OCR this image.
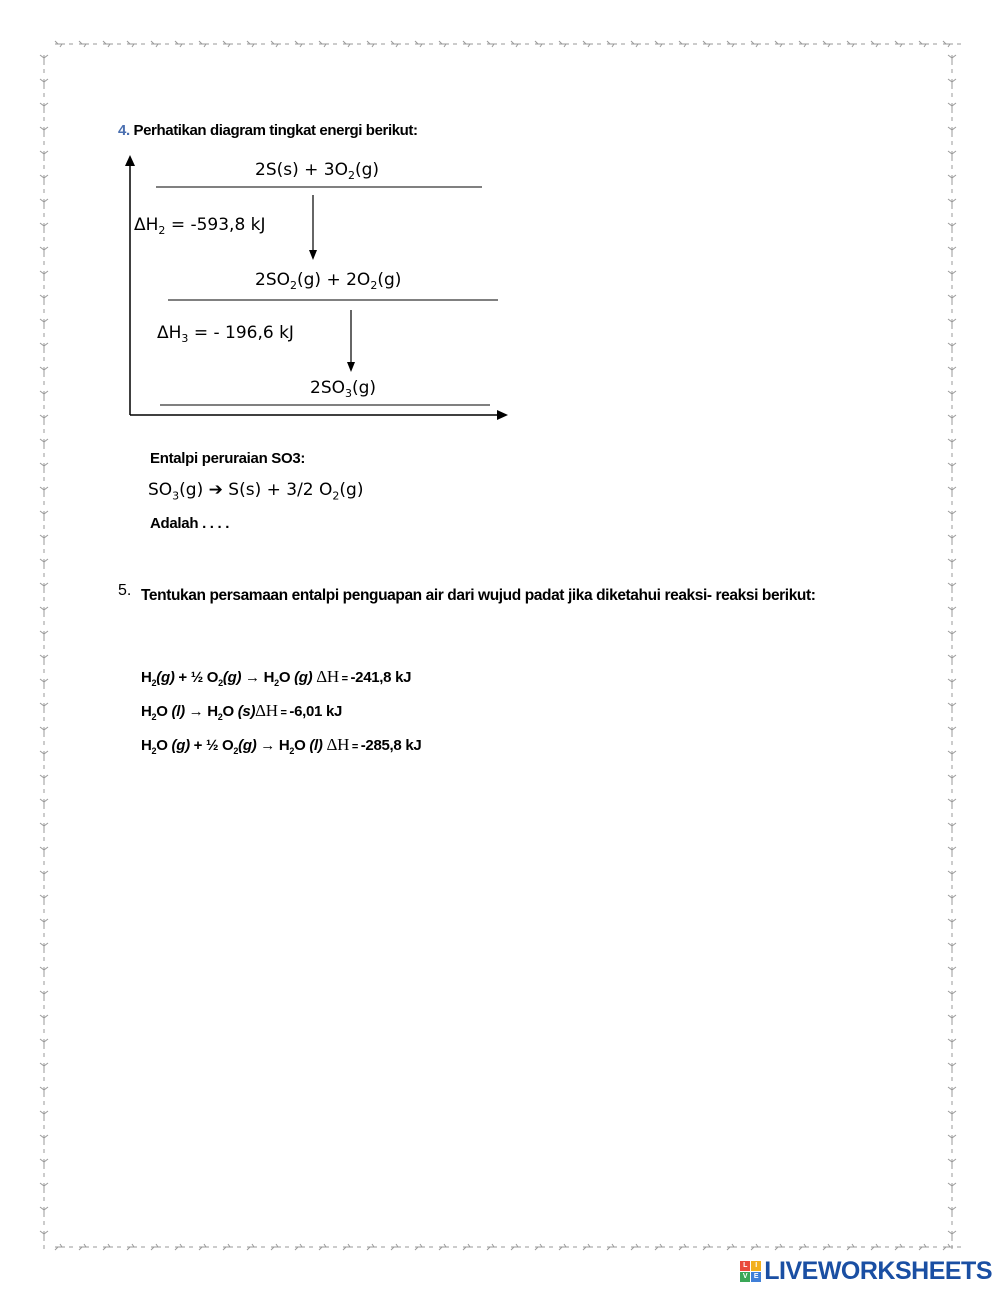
4. Perhatikan diagram tingkat energi berikut:
$2S(s) + 3O_2(g)$
$\Delta H_2 = -593,8$ kJ
$2SO_2(g) + 2O_2(g)$
$\Delta H_3$ = - 196,6 kJ
$2SO_3(g)$
Entalpi peruraian SO3:
$SO_3(g)$ ➔ S(s) + 3/2 $O_2(g)$
Adalah . . . .
5. Tentukan persamaan entalpi penguapan air dari wujud padat jika diketahui reaksi- reaksi berikut:
$H_2(g)$ + ½ $O_2(g) \to H_2O$ (g) ΔH = -241,8 kJ
$H_2O$ $(l) \to H_2O$ (s)ΔH = -6,01 kJ
$H_2O$ (g) + ½ $O_2(g) \to H_2O$ (l) ΔH = -285,8 kJ
L	I
V E LIVEWORKSHEETS
